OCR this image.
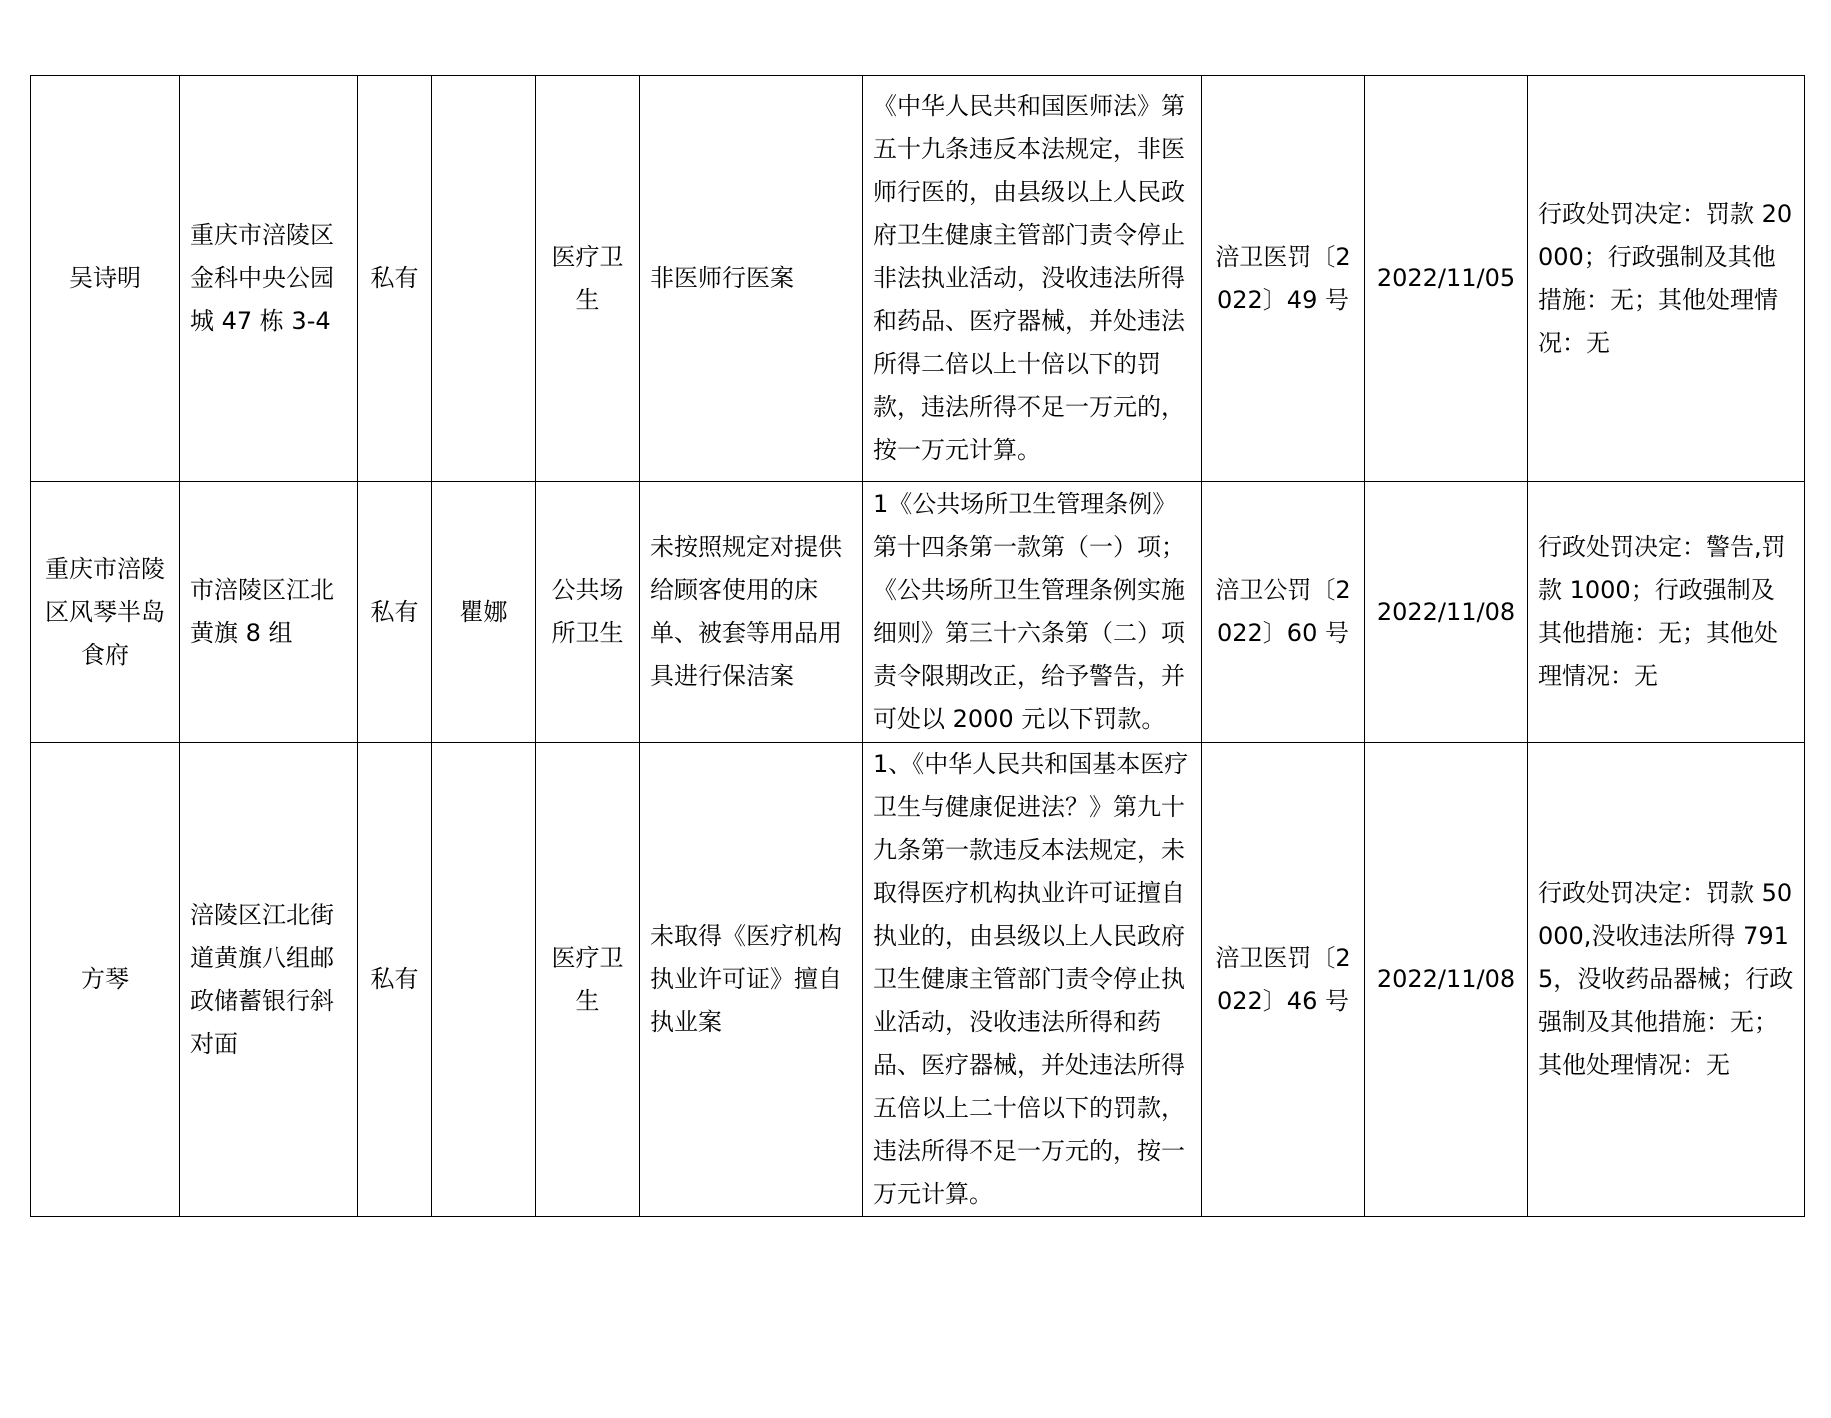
吴诗明	重庆市涪陵区金科中央公园城 47 栋 3-4	私有		医疗卫生	非医师行医案	《中华人民共和国医师法》第五十九条违反本法规定，非医师行医的，由县级以上人民政府卫生健康主管部门责令停止非法执业活动，没收违法所得和药品、医疗器械，并处违法所得二倍以上十倍以下的罚款，违法所得不足一万元的，按一万元计算。	涪卫医罚〔2022〕49 号	2022/11/05	行政处罚决定：罚款 20000；行政强制及其他措施：无；其他处理情况：无
重庆市涪陵区风琴半岛食府	市涪陵区江北黄旗 8 组	私有	瞿娜	公共场所卫生	未按照规定对提供给顾客使用的床单、被套等用品用具进行保洁案	1《公共场所卫生管理条例》第十四条第一款第（一）项；《公共场所卫生管理条例实施细则》第三十六条第（二）项 责令限期改正，给予警告，并可处以 2000 元以下罚款。	涪卫公罚〔2022〕60 号	2022/11/08	行政处罚决定：警告,罚款 1000；行政强制及其他措施：无；其他处理情况：无
方琴	涪陵区江北街道黄旗八组邮政储蓄银行斜对面	私有		医疗卫生	未取得《医疗机构执业许可证》擅自执业案	1、《中华人民共和国基本医疗卫生与健康促进法？》第九十九条第一款违反本法规定，未取得医疗机构执业许可证擅自执业的，由县级以上人民政府卫生健康主管部门责令停止执业活动，没收违法所得和药品、医疗器械，并处违法所得五倍以上二十倍以下的罚款，违法所得不足一万元的，按一万元计算。	涪卫医罚〔2022〕46 号	2022/11/08	行政处罚决定：罚款 50000,没收违法所得 7915，没收药品器械；行政强制及其他措施：无；其他处理情况：无
